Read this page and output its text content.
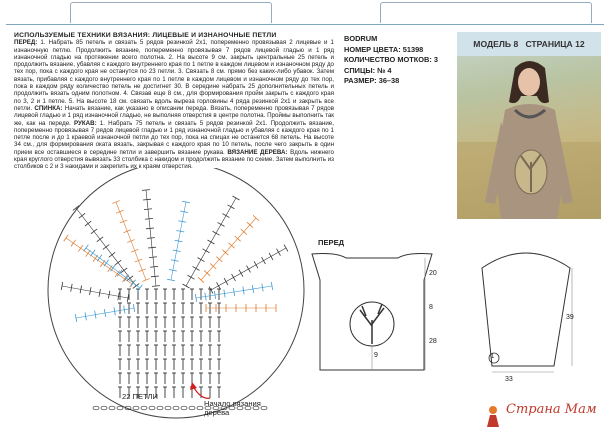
ИСПОЛЬЗУЕМЫЕ ТЕХНИКИ ВЯЗАНИЯ: ЛИЦЕВЫЕ И ИЗНАНОЧНЫЕ ПЕТЛИ
ПЕРЕД: 1. Набрать 85 петель и связать 5 рядов резинкой 2х1, попеременно провязывая 2 лицевые и 1 изнаночную петлю. Продолжить вязание, попеременно провязывая 7 рядов лицевой гладью и 1 ряд изнаночной гладью на протяжении всего полотна. 2. На высоте 9 см. закрыть центральные 25 петель и продолжить вязание, убавляя с каждого внутреннего края по 1 петле в каждом лицевом и изнаночном ряду до тех пор, пока с каждого края не останутся по 23 петли. 3. Связать 8 см. прямо без каких-либо убавок. Затем вязать, прибавляя с каждого внутреннего края по 1 петле в каждом лицевом и изнаночном ряду до тех пор, пока в каждом ряду количество петель не достигнет 30. В середине набрать 25 дополнительных петель и продолжить вязать одним полотном. 4. Связав еще 8 см., для формирования пройм закрыть с каждого края по 3, 2 и 1 петле. 5. На высоте 18 см. связать вдоль выреза горловины 4 ряда резинкой 2х1 и закрыть все петли. СПИНКА: Начать вязание, как указано в описании переда. Вязать, попеременно провязывая 7 рядов лицевой гладью и 1 ряд изнаночной гладью, не выполняя отверстия в центре полотна. Проймы выполнить так же, как на переде. РУКАВ: 1. Набрать 75 петель и связать 5 рядов резинкой 2х1. Продолжить вязание, попеременно провязывая 7 рядов лицевой гладью и 1 ряд изнаночной гладью и убавляя с каждого края по 1 петле после и до 1 краевой изнаночной петли до тех пор, пока на спицах не останется 68 петель. На высоте 34 см., для формирования оката вязать, закрывая с каждого края по 10 петель, после чего закрыть в один прием все оставшиеся в середине петли и завершить вязание рукава. ВЯЗАНИЕ ДЕРЕВА: Вдоль нижнего края круглого отверстия вывязать 33 столбика с накидом и продолжить вязание по схеме. Затем выполнить из столбиков с 2 и 3 накидами и закрепить их к краям отверстия.
BODRUM
НОМЕР ЦВЕТА: 51398
КОЛИЧЕСТВО МОТКОВ: 3
СПИЦЫ: № 4
РАЗМЕР: 36–38
МОДЕЛЬ 8 СТРАНИЦА 12
22 ПЕТЛИ
Начало вязания
дерева
ПЕРЕД
20
8
28
9
39
33
1
Страна Мам
